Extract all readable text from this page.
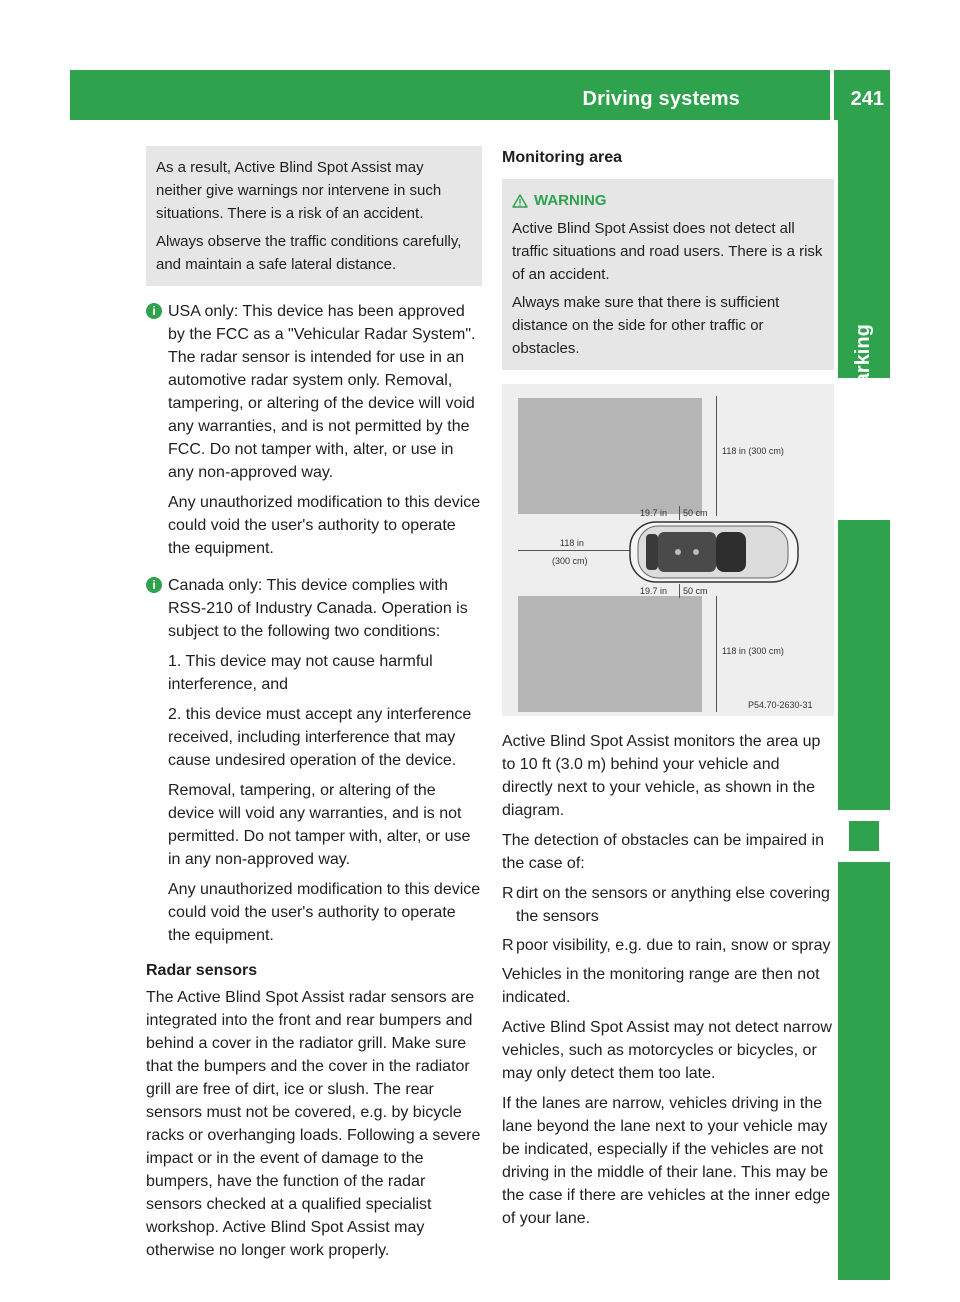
Driving systems	241
Driving and parking

As a result, Active Blind Spot Assist may neither give warnings nor intervene in such situations. There is a risk of an accident.

Always observe the traffic conditions carefully, and maintain a safe lateral distance.

i USA only: This device has been approved by the FCC as a "Vehicular Radar System". The radar sensor is intended for use in an automotive radar system only. Removal, tampering, or altering of the device will void any warranties, and is not permitted by the FCC. Do not tamper with, alter, or use in any non-approved way.

Any unauthorized modification to this device could void the user's authority to operate the equipment.

i Canada only: This device complies with RSS-210 of Industry Canada. Operation is subject to the following two conditions:

1. This device may not cause harmful interference, and

2. this device must accept any interference received, including interference that may cause undesired operation of the device.

Removal, tampering, or altering of the device will void any warranties, and is not permitted. Do not tamper with, alter, or use in any non-approved way.

Any unauthorized modification to this device could void the user's authority to operate the equipment.

Radar sensors

The Active Blind Spot Assist radar sensors are integrated into the front and rear bumpers and behind a cover in the radiator grill. Make sure that the bumpers and the cover in the radiator grill are free of dirt, ice or slush. The rear sensors must not be covered, e.g. by bicycle racks or overhanging loads. Following a severe impact or in the event of damage to the bumpers, have the function of the radar sensors checked at a qualified specialist workshop. Active Blind Spot Assist may otherwise no longer work properly.

Monitoring area
WARNING

Active Blind Spot Assist does not detect all traffic situations and road users. There is a risk of an accident.

Always make sure that there is sufficient distance on the side for other traffic or obstacles.

118 in (300 cm)
19.7 in 50 cm
118 in
(300 cm)
19.7 in 50 cm
118 in (300 cm)
P54.70-2630-31

Active Blind Spot Assist monitors the area up to 10 ft (3.0 m) behind your vehicle and directly next to your vehicle, as shown in the diagram.

The detection of obstacles can be impaired in the case of:

R dirt on the sensors or anything else covering the sensors
R poor visibility, e.g. due to rain, snow or spray

Vehicles in the monitoring range are then not indicated.

Active Blind Spot Assist may not detect narrow vehicles, such as motorcycles or bicycles, or may only detect them too late.

If the lanes are narrow, vehicles driving in the lane beyond the lane next to your vehicle may be indicated, especially if the vehicles are not driving in the middle of their lane. This may be the case if there are vehicles at the inner edge of your lane.
